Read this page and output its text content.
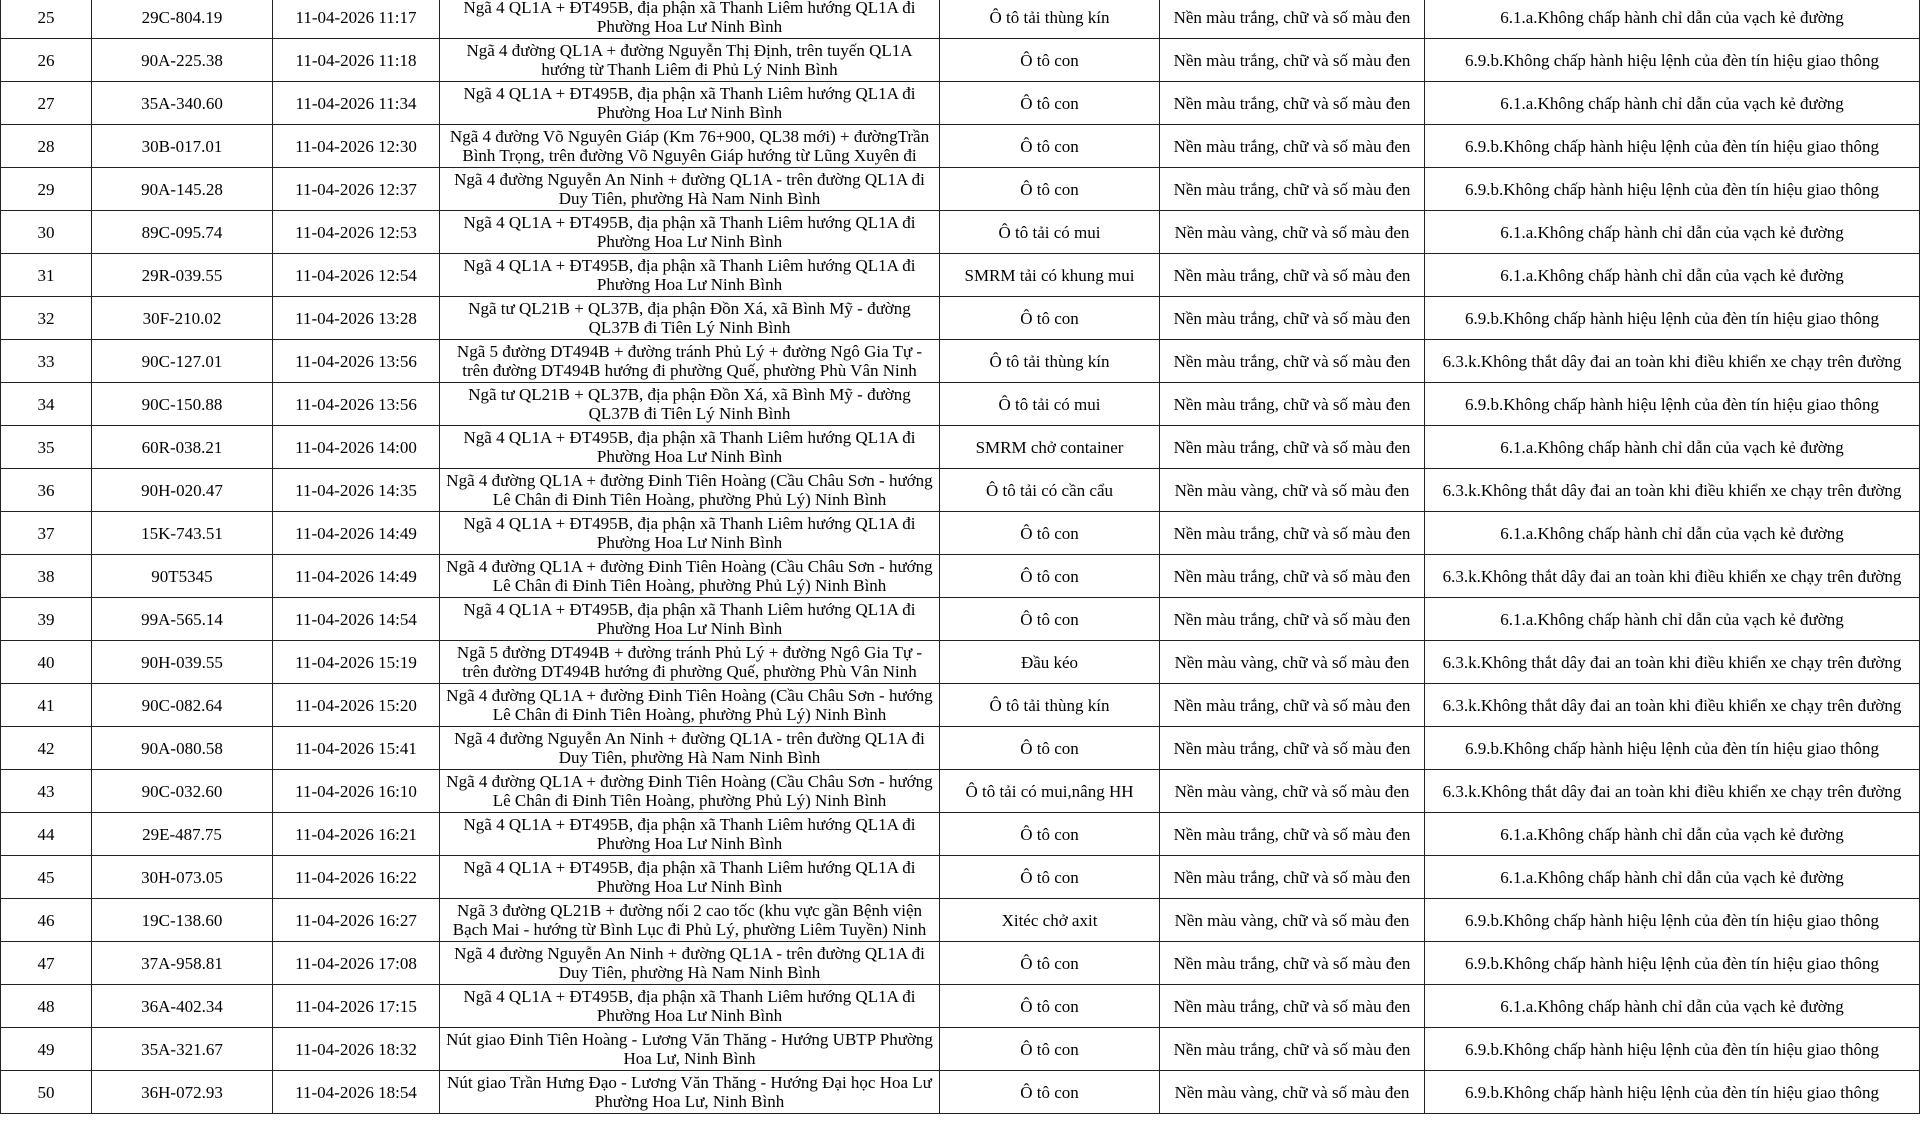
25	29C-804.19	11-04-2026 11:17	Ngã 4 QL1A + ĐT495B, địa phận xã Thanh Liêm hướng QL1A đi Phường Hoa Lư Ninh Bình	Ô tô tải thùng kín	Nền màu trắng, chữ và số màu đen	6.1.a.Không chấp hành chỉ dẫn của vạch kẻ đường
26	90A-225.38	11-04-2026 11:18	Ngã 4 đường QL1A + đường Nguyễn Thị Định, trên tuyến QL1A hướng từ Thanh Liêm đi Phủ Lý Ninh Bình	Ô tô con	Nền màu trắng, chữ và số màu đen	6.9.b.Không chấp hành hiệu lệnh của đèn tín hiệu giao thông
27	35A-340.60	11-04-2026 11:34	Ngã 4 QL1A + ĐT495B, địa phận xã Thanh Liêm hướng QL1A đi Phường Hoa Lư Ninh Bình	Ô tô con	Nền màu trắng, chữ và số màu đen	6.1.a.Không chấp hành chỉ dẫn của vạch kẻ đường
28	30B-017.01	11-04-2026 12:30	Ngã 4 đường Võ Nguyên Giáp (Km 76+900, QL38 mới) + đườngTrần Bình Trọng, trên đường Võ Nguyên Giáp hướng từ Lũng Xuyên đi	Ô tô con	Nền màu trắng, chữ và số màu đen	6.9.b.Không chấp hành hiệu lệnh của đèn tín hiệu giao thông
29	90A-145.28	11-04-2026 12:37	Ngã 4 đường Nguyễn An Ninh + đường QL1A - trên đường QL1A đi Duy Tiên, phường Hà Nam Ninh Bình	Ô tô con	Nền màu trắng, chữ và số màu đen	6.9.b.Không chấp hành hiệu lệnh của đèn tín hiệu giao thông
30	89C-095.74	11-04-2026 12:53	Ngã 4 QL1A + ĐT495B, địa phận xã Thanh Liêm hướng QL1A đi Phường Hoa Lư Ninh Bình	Ô tô tải có mui	Nền màu vàng, chữ và số màu đen	6.1.a.Không chấp hành chỉ dẫn của vạch kẻ đường
31	29R-039.55	11-04-2026 12:54	Ngã 4 QL1A + ĐT495B, địa phận xã Thanh Liêm hướng QL1A đi Phường Hoa Lư Ninh Bình	SMRM tải có khung mui	Nền màu trắng, chữ và số màu đen	6.1.a.Không chấp hành chỉ dẫn của vạch kẻ đường
32	30F-210.02	11-04-2026 13:28	Ngã tư QL21B + QL37B, địa phận Đồn Xá, xã Bình Mỹ - đường QL37B đi Tiên Lý Ninh Bình	Ô tô con	Nền màu trắng, chữ và số màu đen	6.9.b.Không chấp hành hiệu lệnh của đèn tín hiệu giao thông
33	90C-127.01	11-04-2026 13:56	Ngã 5 đường DT494B + đường tránh Phủ Lý + đường Ngô Gia Tự - trên đường DT494B hướng đi phường Quế, phường Phù Vân Ninh	Ô tô tải thùng kín	Nền màu trắng, chữ và số màu đen	6.3.k.Không thắt dây đai an toàn khi điều khiển xe chạy trên đường
34	90C-150.88	11-04-2026 13:56	Ngã tư QL21B + QL37B, địa phận Đồn Xá, xã Bình Mỹ - đường QL37B đi Tiên Lý Ninh Bình	Ô tô tải có mui	Nền màu trắng, chữ và số màu đen	6.9.b.Không chấp hành hiệu lệnh của đèn tín hiệu giao thông
35	60R-038.21	11-04-2026 14:00	Ngã 4 QL1A + ĐT495B, địa phận xã Thanh Liêm hướng QL1A đi Phường Hoa Lư Ninh Bình	SMRM chở container	Nền màu trắng, chữ và số màu đen	6.1.a.Không chấp hành chỉ dẫn của vạch kẻ đường
36	90H-020.47	11-04-2026 14:35	Ngã 4 đường QL1A + đường Đinh Tiên Hoàng (Cầu Châu Sơn - hướng Lê Chân đi Đinh Tiên Hoàng, phường Phủ Lý) Ninh Bình	Ô tô tải có cần cẩu	Nền màu vàng, chữ và số màu đen	6.3.k.Không thắt dây đai an toàn khi điều khiển xe chạy trên đường
37	15K-743.51	11-04-2026 14:49	Ngã 4 QL1A + ĐT495B, địa phận xã Thanh Liêm hướng QL1A đi Phường Hoa Lư Ninh Bình	Ô tô con	Nền màu trắng, chữ và số màu đen	6.1.a.Không chấp hành chỉ dẫn của vạch kẻ đường
38	90T5345	11-04-2026 14:49	Ngã 4 đường QL1A + đường Đinh Tiên Hoàng (Cầu Châu Sơn - hướng Lê Chân đi Đinh Tiên Hoàng, phường Phủ Lý) Ninh Bình	Ô tô con	Nền màu trắng, chữ và số màu đen	6.3.k.Không thắt dây đai an toàn khi điều khiển xe chạy trên đường
39	99A-565.14	11-04-2026 14:54	Ngã 4 QL1A + ĐT495B, địa phận xã Thanh Liêm hướng QL1A đi Phường Hoa Lư Ninh Bình	Ô tô con	Nền màu trắng, chữ và số màu đen	6.1.a.Không chấp hành chỉ dẫn của vạch kẻ đường
40	90H-039.55	11-04-2026 15:19	Ngã 5 đường DT494B + đường tránh Phủ Lý + đường Ngô Gia Tự - trên đường DT494B hướng đi phường Quế, phường Phù Vân Ninh	Đầu kéo	Nền màu vàng, chữ và số màu đen	6.3.k.Không thắt dây đai an toàn khi điều khiển xe chạy trên đường
41	90C-082.64	11-04-2026 15:20	Ngã 4 đường QL1A + đường Đinh Tiên Hoàng (Cầu Châu Sơn - hướng Lê Chân đi Đinh Tiên Hoàng, phường Phủ Lý) Ninh Bình	Ô tô tải thùng kín	Nền màu trắng, chữ và số màu đen	6.3.k.Không thắt dây đai an toàn khi điều khiển xe chạy trên đường
42	90A-080.58	11-04-2026 15:41	Ngã 4 đường Nguyễn An Ninh + đường QL1A - trên đường QL1A đi Duy Tiên, phường Hà Nam Ninh Bình	Ô tô con	Nền màu trắng, chữ và số màu đen	6.9.b.Không chấp hành hiệu lệnh của đèn tín hiệu giao thông
43	90C-032.60	11-04-2026 16:10	Ngã 4 đường QL1A + đường Đinh Tiên Hoàng (Cầu Châu Sơn - hướng Lê Chân đi Đinh Tiên Hoàng, phường Phủ Lý) Ninh Bình	Ô tô tải có mui,nâng HH	Nền màu vàng, chữ và số màu đen	6.3.k.Không thắt dây đai an toàn khi điều khiển xe chạy trên đường
44	29E-487.75	11-04-2026 16:21	Ngã 4 QL1A + ĐT495B, địa phận xã Thanh Liêm hướng QL1A đi Phường Hoa Lư Ninh Bình	Ô tô con	Nền màu trắng, chữ và số màu đen	6.1.a.Không chấp hành chỉ dẫn của vạch kẻ đường
45	30H-073.05	11-04-2026 16:22	Ngã 4 QL1A + ĐT495B, địa phận xã Thanh Liêm hướng QL1A đi Phường Hoa Lư Ninh Bình	Ô tô con	Nền màu trắng, chữ và số màu đen	6.1.a.Không chấp hành chỉ dẫn của vạch kẻ đường
46	19C-138.60	11-04-2026 16:27	Ngã 3 đường QL21B + đường nối 2 cao tốc (khu vực gần Bệnh viện Bạch Mai - hướng từ Bình Lục đi Phủ Lý, phường Liêm Tuyền) Ninh	Xitéc chở axit	Nền màu vàng, chữ và số màu đen	6.9.b.Không chấp hành hiệu lệnh của đèn tín hiệu giao thông
47	37A-958.81	11-04-2026 17:08	Ngã 4 đường Nguyễn An Ninh + đường QL1A - trên đường QL1A đi Duy Tiên, phường Hà Nam Ninh Bình	Ô tô con	Nền màu trắng, chữ và số màu đen	6.9.b.Không chấp hành hiệu lệnh của đèn tín hiệu giao thông
48	36A-402.34	11-04-2026 17:15	Ngã 4 QL1A + ĐT495B, địa phận xã Thanh Liêm hướng QL1A đi Phường Hoa Lư Ninh Bình	Ô tô con	Nền màu trắng, chữ và số màu đen	6.1.a.Không chấp hành chỉ dẫn của vạch kẻ đường
49	35A-321.67	11-04-2026 18:32	Nút giao Đinh Tiên Hoàng - Lương Văn Thăng - Hướng UBTP Phường Hoa Lư, Ninh Bình	Ô tô con	Nền màu trắng, chữ và số màu đen	6.9.b.Không chấp hành hiệu lệnh của đèn tín hiệu giao thông
50	36H-072.93	11-04-2026 18:54	Nút giao Trần Hưng Đạo - Lương Văn Thăng - Hướng Đại học Hoa Lư Phường Hoa Lư, Ninh Bình	Ô tô con	Nền màu vàng, chữ và số màu đen	6.9.b.Không chấp hành hiệu lệnh của đèn tín hiệu giao thông
